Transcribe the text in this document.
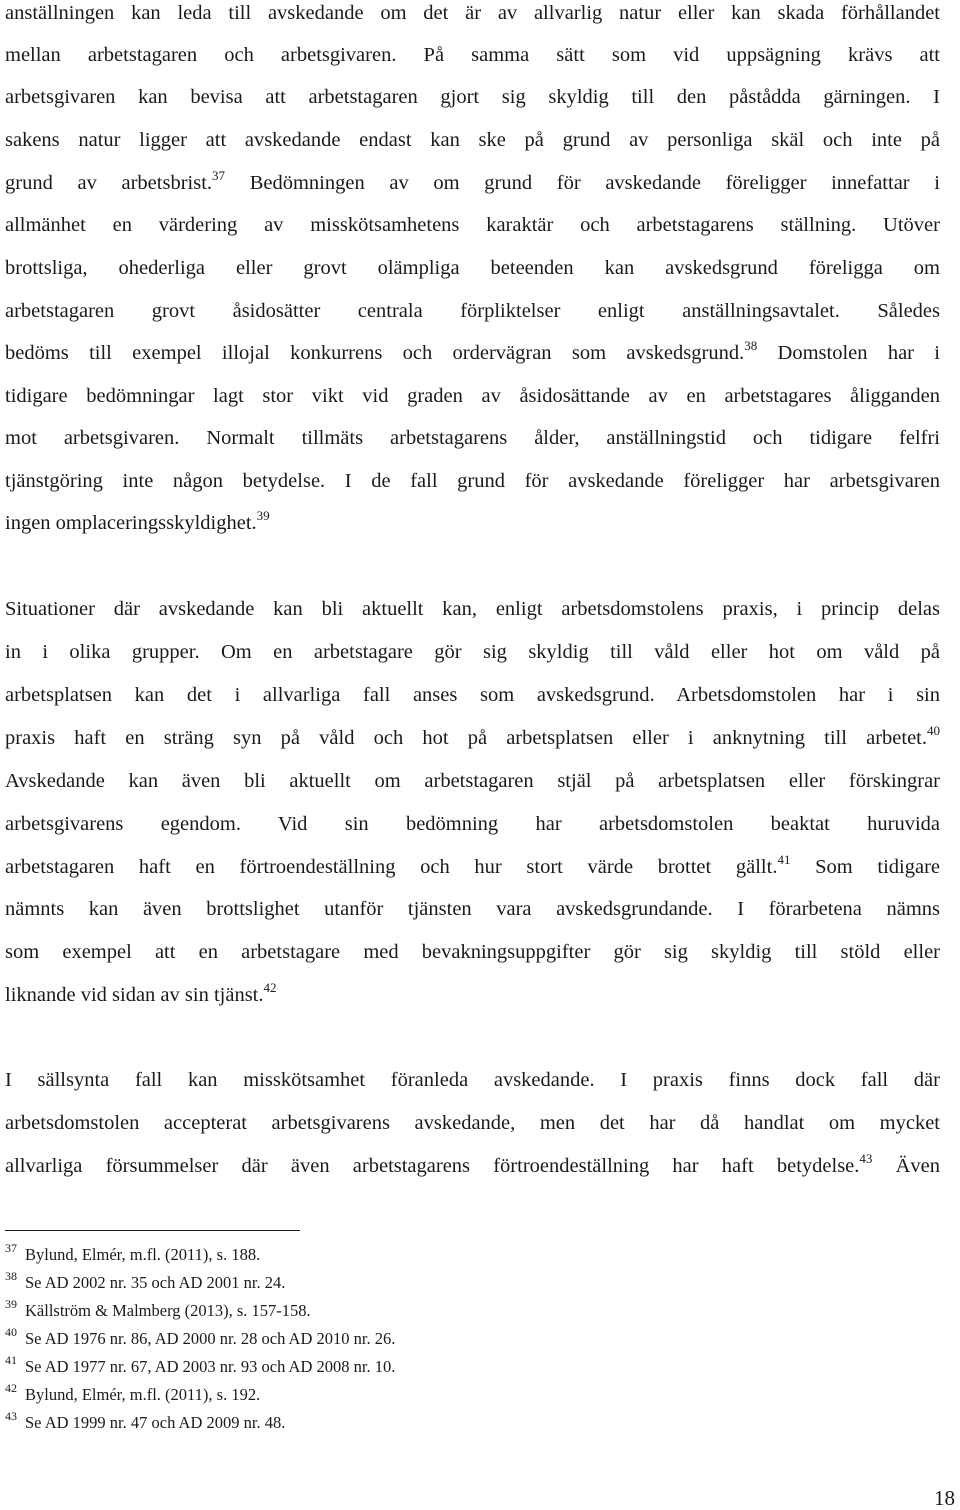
anställningen kan leda till avskedande om det är av allvarlig natur eller kan skada förhållandet
mellan arbetstagaren och arbetsgivaren. På samma sätt som vid uppsägning krävs att
arbetsgivaren kan bevisa att arbetstagaren gjort sig skyldig till den påstådda gärningen. I
sakens natur ligger att avskedande endast kan ske på grund av personliga skäl och inte på
grund av arbetsbrist.$^{37}$ Bedömningen av om grund för avskedande föreligger innefattar i
allmänhet en värdering av misskötsamhetens karaktär och arbetstagarens ställning. Utöver
brottsliga, ohederliga eller grovt olämpliga beteenden kan avskedsgrund föreligga om
arbetstagaren grovt åsidosätter centrala förpliktelser enligt anställningsavtalet. Således
bedöms till exempel illojal konkurrens och ordervägran som avskedsgrund.$^{38}$ Domstolen har i
tidigare bedömningar lagt stor vikt vid graden av åsidosättande av en arbetstagares åligganden
mot arbetsgivaren. Normalt tillmäts arbetstagarens ålder, anställningstid och tidigare felfri
tjänstgöring inte någon betydelse. I de fall grund för avskedande föreligger har arbetsgivaren
ingen omplaceringsskyldighet.$^{39}$
Situationer där avskedande kan bli aktuellt kan, enligt arbetsdomstolens praxis, i princip delas
in i olika grupper. Om en arbetstagare gör sig skyldig till våld eller hot om våld på
arbetsplatsen kan det i allvarliga fall anses som avskedsgrund. Arbetsdomstolen har i sin
praxis haft en sträng syn på våld och hot på arbetsplatsen eller i anknytning till arbetet.$^{40}$
Avskedande kan även bli aktuellt om arbetstagaren stjäl på arbetsplatsen eller förskingrar
arbetsgivarens egendom. Vid sin bedömning har arbetsdomstolen beaktat huruvida
arbetstagaren haft en förtroendeställning och hur stort värde brottet gällt.$^{41}$ Som tidigare
nämnts kan även brottslighet utanför tjänsten vara avskedsgrundande. I förarbetena nämns
som exempel att en arbetstagare med bevakningsuppgifter gör sig skyldig till stöld eller
liknande vid sidan av sin tjänst.$^{42}$
I sällsynta fall kan misskötsamhet föranleda avskedande. I praxis finns dock fall där
arbetsdomstolen accepterat arbetsgivarens avskedande, men det har då handlat om mycket
allvarliga försummelser där även arbetstagarens förtroendeställning har haft betydelse.$^{43}$ Även
$^{37}$ Bylund, Elmér, m.fl. (2011), s. 188.
$^{38}$ Se AD 2002 nr. 35 och AD 2001 nr. 24.
$^{39}$ Källström & Malmberg (2013), s. 157-158.
$^{40}$ Se AD 1976 nr. 86, AD 2000 nr. 28 och AD 2010 nr. 26.
$^{41}$ Se AD 1977 nr. 67, AD 2003 nr. 93 och AD 2008 nr. 10.
$^{42}$ Bylund, Elmér, m.fl. (2011), s. 192.
$^{43}$ Se AD 1999 nr. 47 och AD 2009 nr. 48.
18
